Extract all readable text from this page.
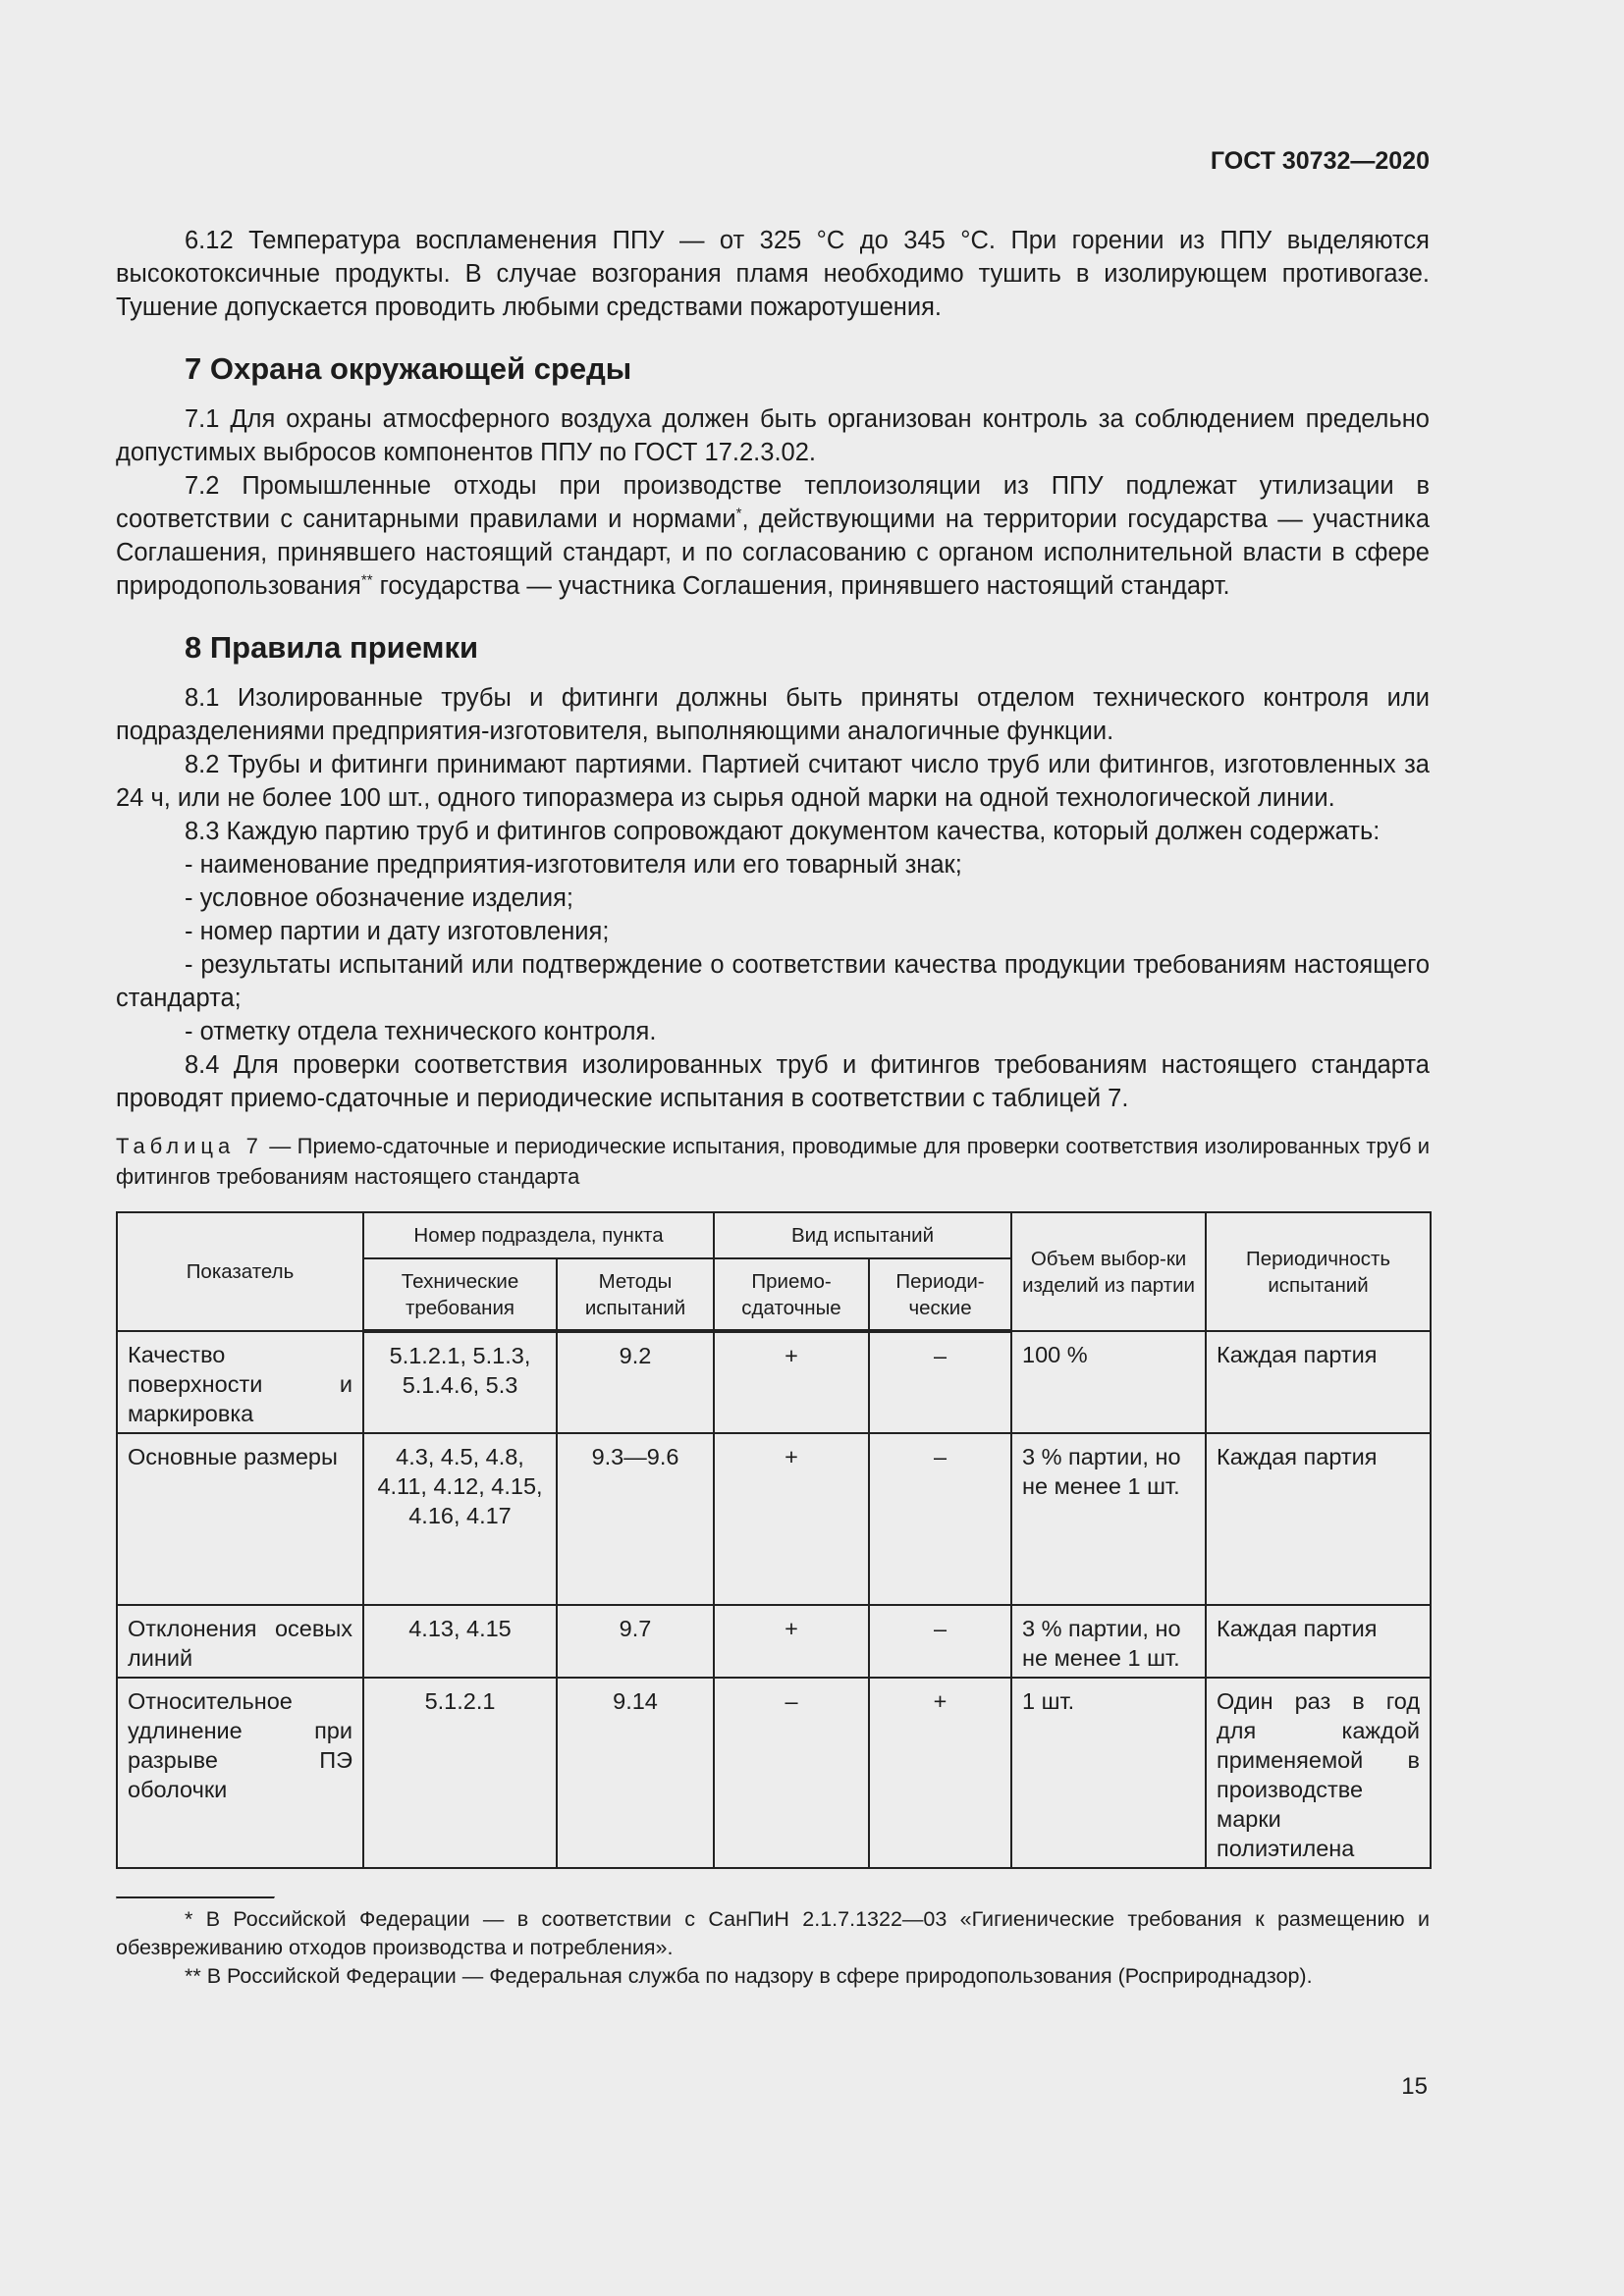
ГОСТ 30732—2020

6.12 Температура воспламенения ППУ — от 325 °С до 345 °С. При горении из ППУ выделяются высокотоксичные продукты. В случае возгорания пламя необходимо тушить в изолирующем противогазе. Тушение допускается проводить любыми средствами пожаротушения.

7 Охрана окружающей среды

7.1 Для охраны атмосферного воздуха должен быть организован контроль за соблюдением предельно допустимых выбросов компонентов ППУ по ГОСТ 17.2.3.02.

7.2 Промышленные отходы при производстве теплоизоляции из ППУ подлежат утилизации в соответствии с санитарными правилами и нормами*, действующими на территории государства — участника Соглашения, принявшего настоящий стандарт, и по согласованию с органом исполнительной власти в сфере природопользования** государства — участника Соглашения, принявшего настоящий стандарт.

8 Правила приемки

8.1 Изолированные трубы и фитинги должны быть приняты отделом технического контроля или подразделениями предприятия-изготовителя, выполняющими аналогичные функции.

8.2 Трубы и фитинги принимают партиями. Партией считают число труб или фитингов, изготовленных за 24 ч, или не более 100 шт., одного типоразмера из сырья одной марки на одной технологической линии.

8.3 Каждую партию труб и фитингов сопровождают документом качества, который должен содержать:

- наименование предприятия-изготовителя или его товарный знак;

- условное обозначение изделия;

- номер партии и дату изготовления;

- результаты испытаний или подтверждение о соответствии качества продукции требованиям настоящего стандарта;

- отметку отдела технического контроля.

8.4 Для проверки соответствия изолированных труб и фитингов требованиям настоящего стандарта проводят приемо-сдаточные и периодические испытания в соответствии с таблицей 7.

Таблица 7 — Приемо-сдаточные и периодические испытания, проводимые для проверки соответствия изолированных труб и фитингов требованиям настоящего стандарта

Показатель	Номер подраздела, пункта		Вид испытаний		Объем выбор-ки изделий из партии	Периодичность испытаний
	Технические требования	Методы испытаний	Приемо-сдаточные	Периоди-ческие		
Качество поверхности и маркировка	5.1.2.1, 5.1.3, 5.1.4.6, 5.3	9.2	+	–	100 %	Каждая партия
Основные размеры	4.3, 4.5, 4.8, 4.11, 4.12, 4.15, 4.16, 4.17	9.3—9.6	+	–	3 % партии, но не менее 1 шт.	Каждая партия
Отклонения осевых линий	4.13, 4.15	9.7	+	–	3 % партии, но не менее 1 шт.	Каждая партия
Относительное удлинение при разрыве ПЭ оболочки	5.1.2.1	9.14	–	+	1 шт.	Один раз в год для каждой применяемой в производстве марки полиэтилена

* В Российской Федерации — в соответствии с СанПиН 2.1.7.1322—03 «Гигиенические требования к размещению и обезвреживанию отходов производства и потребления».

** В Российской Федерации — Федеральная служба по надзору в сфере природопользования (Росприроднадзор).

15
